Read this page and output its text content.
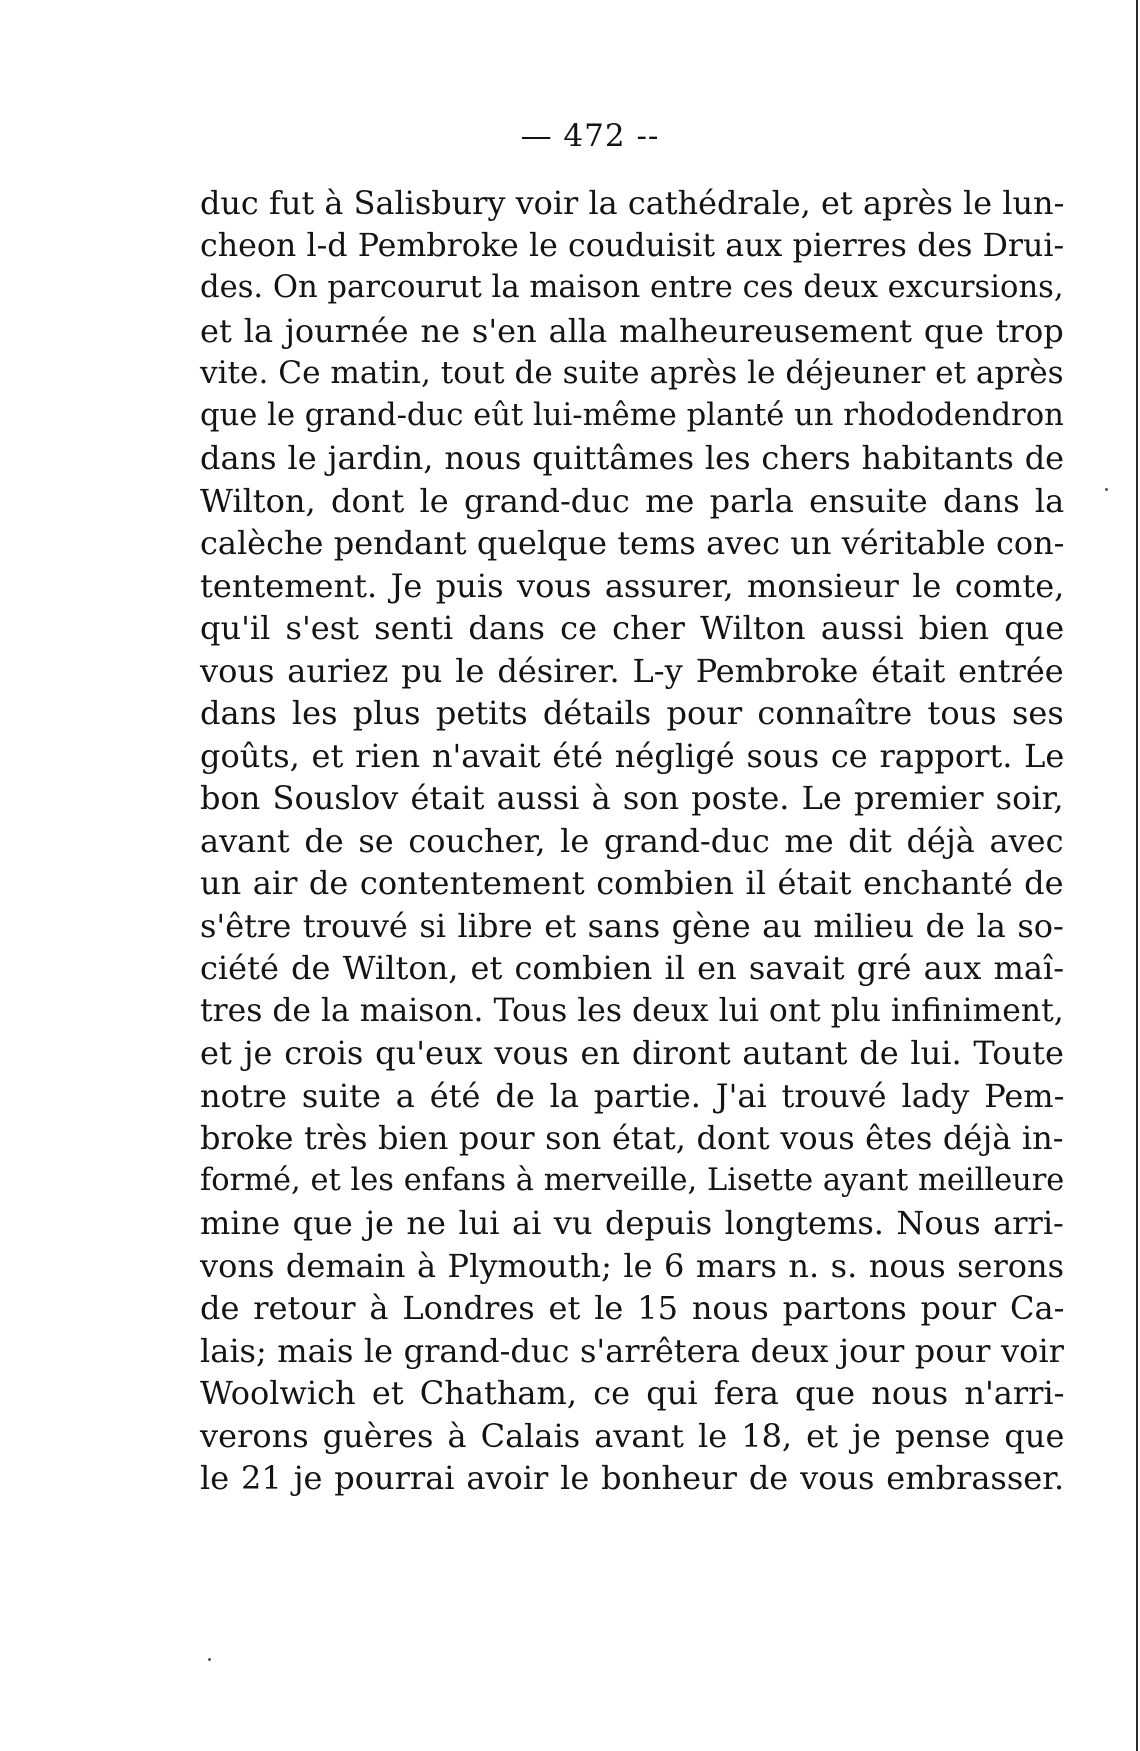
— 472 --
duc fut à Salisbury voir la cathédrale, et après le lun-
cheon l-d Pembroke le couduisit aux pierres des Drui-
des. On parcourut la maison entre ces deux excursions,
et la journée ne s'en alla malheureusement que trop
vite. Ce matin, tout de suite après le déjeuner et après
que le grand-duc eût lui-même planté un rhododendron
dans le jardin, nous quittâmes les chers habitants de
Wilton, dont le grand-duc me parla ensuite dans la
calèche pendant quelque tems avec un véritable con-
tentement. Je puis vous assurer, monsieur le comte,
qu'il s'est senti dans ce cher Wilton aussi bien que
vous auriez pu le désirer. L-y Pembroke était entrée
dans les plus petits détails pour connaître tous ses
goûts, et rien n'avait été négligé sous ce rapport. Le
bon Souslov était aussi à son poste. Le premier soir,
avant de se coucher, le grand-duc me dit déjà avec
un air de contentement combien il était enchanté de
s'être trouvé si libre et sans gène au milieu de la so-
ciété de Wilton, et combien il en savait gré aux maî-
tres de la maison. Tous les deux lui ont plu infiniment,
et je crois qu'eux vous en diront autant de lui. Toute
notre suite a été de la partie. J'ai trouvé lady Pem-
broke très bien pour son état, dont vous êtes déjà in-
formé, et les enfans à merveille, Lisette ayant meilleure
mine que je ne lui ai vu depuis longtems. Nous arri-
vons demain à Plymouth; le 6 mars n. s. nous serons
de retour à Londres et le 15 nous partons pour Ca-
lais; mais le grand-duc s'arrêtera deux jour pour voir
Woolwich et Chatham, ce qui fera que nous n'arri-
verons guères à Calais avant le 18, et je pense que
le 21 je pourrai avoir le bonheur de vous embrasser.
